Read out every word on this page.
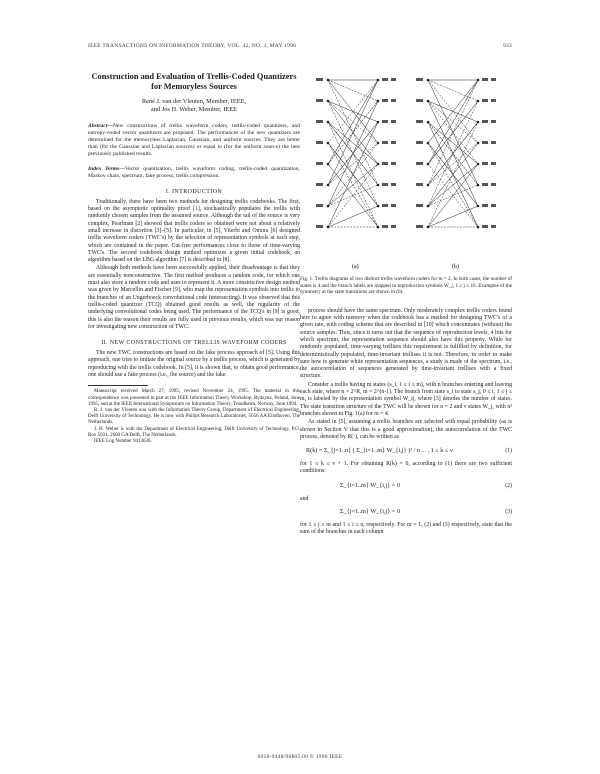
IEEE TRANSACTIONS ON INFORMATION THEORY, VOL. 42, NO. 3, MAY 1996	933
Construction and Evaluation of Trellis-Coded Quantizers for Memoryless Sources
René J. van der Vleuten, Member, IEEE,
and Jos H. Weber, Member, IEEE
Abstract—New constructions of trellis waveform coders, trellis-coded quantizers, and entropy-coded vector quantizers are proposed. The performances of the new quantizers are determined for the memoryless Laplacian, Gaussian, and uniform sources. They are better than (for the Gaussian and Laplacian sources) or equal to (for the uniform source) the best previously published results.
Index Terms—Vector quantization, trellis waveform coding, trellis-coded quantization, Markov chain, spectrum, fake process, trellis compression.
I. INTRODUCTION

Traditionally, there have been two methods for designing trellis codebooks. The first, based on the asymptotic optimality proof [1], stochastically populates the trellis with randomly chosen samples from the assumed source. Although the tail of the source is very complex, Pearlman [2] showed that trellis coders so obtained were not about a relatively small increase in distortion [3]–[5]. In particular, in [5], Viterbi and Omura [6] designed trellis waveform coders (TWC's) by the selection of representation symbols at each step, which are contained in the paper. Cut-free performances close to those of time-varying TWC's. The second codebook design method optimizes a given initial codebook, an algorithm based on the LBG algorithm [7] is described in [8].

Although both methods have been successfully applied, their disadvantage is that they are essentially nonconstructive. The first method produces a random code, for which one must also store a random code and uses to represent it. A more constructive design method was given by Marcellin and Fischer [9], who map the representation symbols into trellis to the branches of an Ungerboeck convolutional code (intersecting). It was observed that this trellis-coded quantizer (TCQ) obtained good results as well, the regularity of the underlying convolutional codes being used. The performance of the TCQ's in [9] is good, this is also the reason their results are fully used in previous results, which was our reason for investigating new construction of TWC.

II. NEW CONSTRUCTIONS OF TRELLIS WAVEFORM CODERS

The new TWC constructions are based on the fake process approach of [5]. Using this approach, one tries to imitate the original source by a trellis process, which is generated by reproducing with the trellis codebook. In [5], it is shown that, to obtain good performance, one should use a fake process (i.e., the source) and the fake

Manuscript received March 27, 1995; revised November 24, 1995. The material in this correspondence was presented in part at the IEEE Information Theory Workshop, Rydzyna, Poland, June 1995, and at the IEEE International Symposium on Information Theory, Trondheim, Norway, June 1994.

R. J. van der Vleuten was with the Information Theory Group, Department of Electrical Engineering, Delft University of Technology. He is now with Philips Research Laboratories, 5656 AA Eindhoven, The Netherlands.

J. H. Weber is with the Department of Electrical Engineering, Delft University of Technology, P.O. Box 5031, 2600 GA Delft, The Netherlands.

IEEE Log Number 9413636.

(a)	(b)

Fig. 1. Trellis diagrams of two distinct trellis waveform coders for m = 2. In both cases, the number of states is 4 and the branch labels are mapped to reproduction symbols W_j, 1 ≤ j ≤ 16. Examples of the symmetry at the state transitions are shown in (b).

process should have the same spectrum. Only moderately complex trellis coders found here to agree with memory when the codebook has a method for designing TWC's of a given rate, with coding scheme that are described in [10] which concentrates (without) the source samples. Thus, since it turns out that the sequence of reproduction levels, 4 bits for which spectrum, the representation sequence should also have this property. While for randomly populated, time-varying trellises this requirement is fulfilled by definition, for deterministically populated, time-invariant trellises it is not. Therefore, in order to make sure how to generate white representation sequences, a study is made of the spectrum, i.e., the autocorrelation of sequences generated by time-invariant trellises with a fixed structure.

Consider a trellis having m states (s_i, 1 ≤ i ≤ m), with n branches entering and leaving each state, where n = 2^R, m = 2^(n-1). The branch from state s_i to state s_j, 0 ≤ i, 1 ≤ j ≤ m, is labeled by the representation symbol W_ij, where [3] denotes the number of states. The state transition structure of the TWC will be shown for n = 2 and ν states W_j, with n² branches shown in Fig. 1(a) for m = 4.

As stated in [5], assuming a trellis branches are selected with equal probability (as is shown in Section V that this is a good approximation), the autocorrelation of the TWC process, denoted by R(·), can be written as

R(k) = Σ_{j=1..n} ( Σ_{i=1..m} W_{i,j} )² / n ... , 1 ≤ k ≤ ν	(1)

for 1 ≤ k ≤ ν + 1. For obtaining R(k) = 0, according to (1) there are two sufficient conditions:

Σ_{i=1..m} W_{i,j} = 0	(2)
and
Σ_{j=1..m} W_{i,j} = 0	(3)

for 1 ≤ j ≤ m and 1 ≤ i ≤ n, respectively. For m = 1, (2) and (3) respectively, state that the sum of the branches in each column

0018-9448/96$05.00 © 1996 IEEE
